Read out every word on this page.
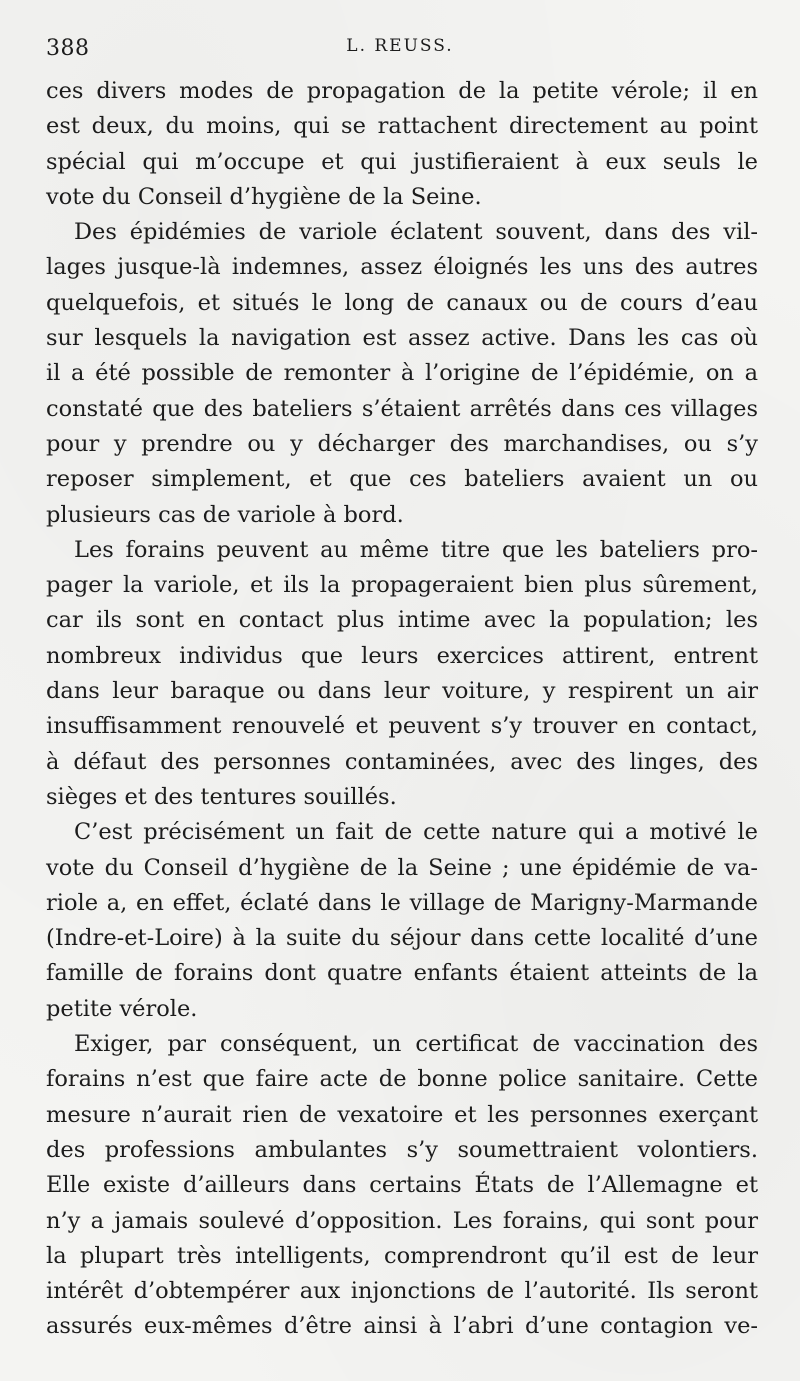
388	L. REUSS.
ces divers modes de propagation de la petite vérole; il en
est deux, du moins, qui se rattachent directement au point
spécial qui m’occupe et qui justifieraient à eux seuls le
vote du Conseil d’hygiène de la Seine.
Des épidémies de variole éclatent souvent, dans des vil-
lages jusque-là indemnes, assez éloignés les uns des autres
quelquefois, et situés le long de canaux ou de cours d’eau
sur lesquels la navigation est assez active. Dans les cas où
il a été possible de remonter à l’origine de l’épidémie, on a
constaté que des bateliers s’étaient arrêtés dans ces villages
pour y prendre ou y décharger des marchandises, ou s’y
reposer simplement, et que ces bateliers avaient un ou
plusieurs cas de variole à bord.
Les forains peuvent au même titre que les bateliers pro-
pager la variole, et ils la propageraient bien plus sûrement,
car ils sont en contact plus intime avec la population; les
nombreux individus que leurs exercices attirent, entrent
dans leur baraque ou dans leur voiture, y respirent un air
insuffisamment renouvelé et peuvent s’y trouver en contact,
à défaut des personnes contaminées, avec des linges, des
sièges et des tentures souillés.
C’est précisément un fait de cette nature qui a motivé le
vote du Conseil d’hygiène de la Seine ; une épidémie de va-
riole a, en effet, éclaté dans le village de Marigny-Marmande
(Indre-et-Loire) à la suite du séjour dans cette localité d’une
famille de forains dont quatre enfants étaient atteints de la
petite vérole.
Exiger, par conséquent, un certificat de vaccination des
forains n’est que faire acte de bonne police sanitaire. Cette
mesure n’aurait rien de vexatoire et les personnes exerçant
des professions ambulantes s’y soumettraient volontiers.
Elle existe d’ailleurs dans certains États de l’Allemagne et
n’y a jamais soulevé d’opposition. Les forains, qui sont pour
la plupart très intelligents, comprendront qu’il est de leur
intérêt d’obtempérer aux injonctions de l’autorité. Ils seront
assurés eux-mêmes d’être ainsi à l’abri d’une contagion ve-
